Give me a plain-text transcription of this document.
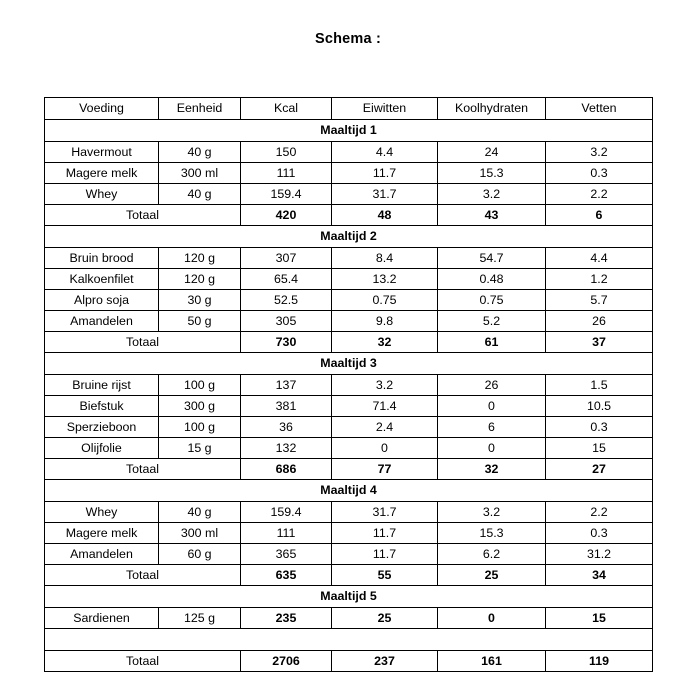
Schema :
Voeding	Eenheid	Kcal	Eiwitten	Koolhydraten	Vetten
Maaltijd 1					
Havermout	40 g	150	4.4	24	3.2
Magere melk	300 ml	111	11.7	15.3	0.3
Whey	40 g	159.4	31.7	3.2	2.2
Totaal		420	48	43	6
Maaltijd 2					
Bruin brood	120 g	307	8.4	54.7	4.4
Kalkoenfilet	120 g	65.4	13.2	0.48	1.2
Alpro soja	30 g	52.5	0.75	0.75	5.7
Amandelen	50 g	305	9.8	5.2	26
Totaal		730	32	61	37
Maaltijd 3					
Bruine rijst	100 g	137	3.2	26	1.5
Biefstuk	300 g	381	71.4	0	10.5
Sperzieboon	100 g	36	2.4	6	0.3
Olijfolie	15 g	132	0	0	15
Totaal		686	77	32	27
Maaltijd 4					
Whey	40 g	159.4	31.7	3.2	2.2
Magere melk	300 ml	111	11.7	15.3	0.3
Amandelen	60 g	365	11.7	6.2	31.2
Totaal		635	55	25	34
Maaltijd 5					
Sardienen	125 g	235	25	0	15

Totaal		2706	237	161	119
